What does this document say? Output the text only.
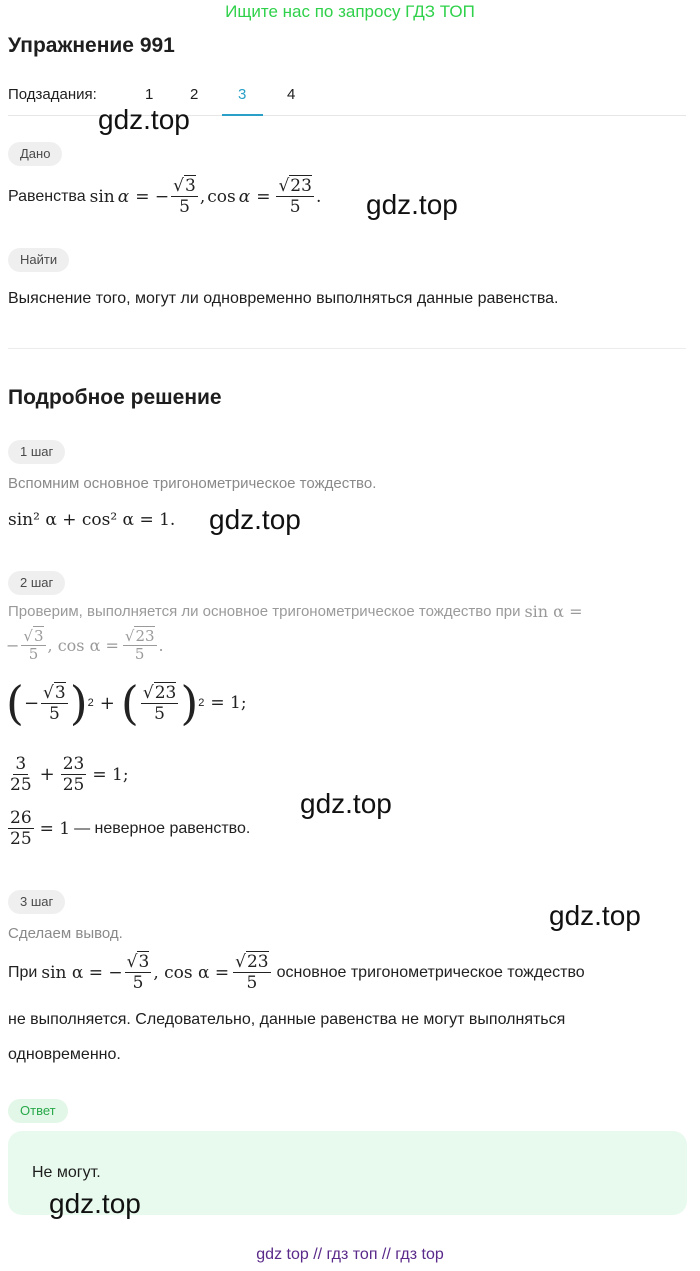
Ищите нас по запросу ГДЗ ТОП
Упражнение 991
Подзадания:	1 2	3	4
gdz.top
Дано
Равенства sin α = − $\frac{√3}{5}$ , $\cos \alpha = \frac{√23}{5}$ . gdz.top
Найти
Выяснение того, могут ли одновременно выполняться данные равенства.
Подробное решение
1 шаг
Вспомним основное тригонометрическое тождество.
sin² α + cos² α = 1. gdz.top
2 шаг
Проверим, выполняется ли основное тригонометрическое тождество при sin α =
− $\frac{√3}{5}$ , $\cos \alpha = \frac{√23}{5}$ .
( − $\frac{√3}{5}$ ) 2 + ( $\frac{√23}{5}$ ) 2 = 1;
$\frac{3}{25} + \frac{23}{25} = 1$;
gdz.top
$\frac{26}{25} = 1$ — неверное равенство.
3 шаг	gdz.top
Сделаем вывод.
При sin α = − $\frac{√3}{5}$ , $\cos \alpha = \frac{√23}{5}$ основное тригонометрическое тождество
не выполняется. Следовательно, данные равенства не могут выполняться
одновременно.
Ответ
Не могут.
gdz.top
gdz top // гдз топ // гдз top
